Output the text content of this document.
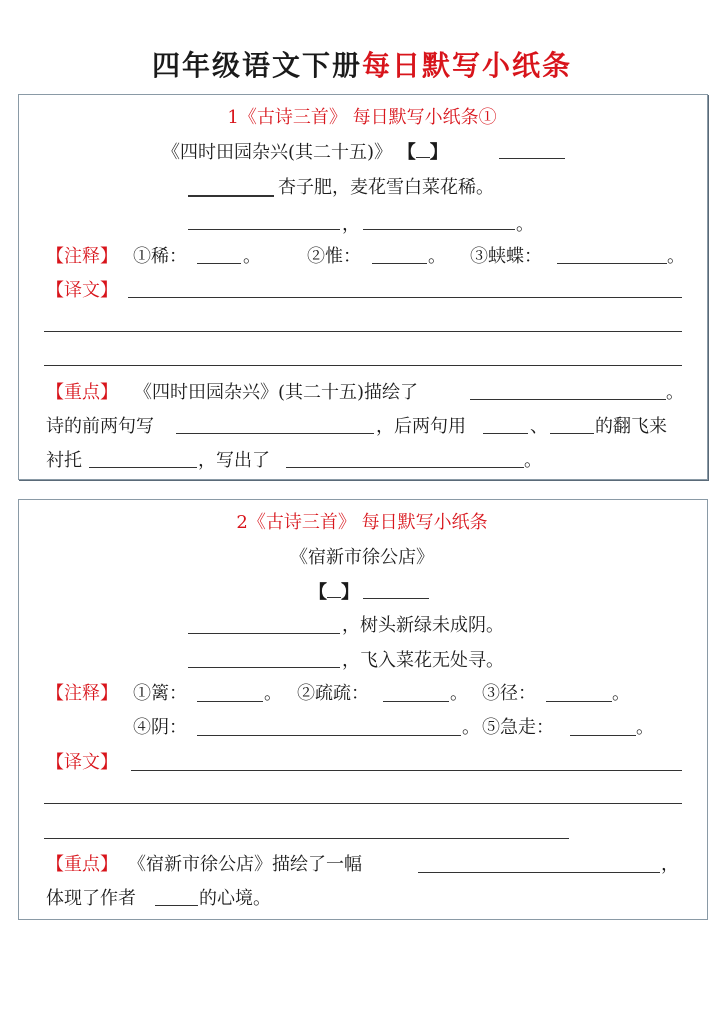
四年级语文下册每日默写小纸条
1《古诗三首》 每日默写小纸条①
《四时田园杂兴(其二十五)》 【 】
杏子肥，麦花雪白菜花稀。
，	。
【注释】 ①稀：	。	②惟：	。 ③蛱蝶：	。
【译文】
【重点】 《四时田园杂兴》(其二十五)描绘了	。
诗的前两句写	，后两句用	、	的翻飞来
衬托	，写出了	。
2《古诗三首》 每日默写小纸条
《宿新市徐公店》
【 】
，树头新绿未成阴。
，飞入菜花无处寻。
【注释】 ①篱：	。 ②疏疏：	。 ③径：	。
④阴：	。 ⑤急走：	。
【译文】
【重点】 《宿新市徐公店》描绘了一幅	，
体现了作者	的心境。
